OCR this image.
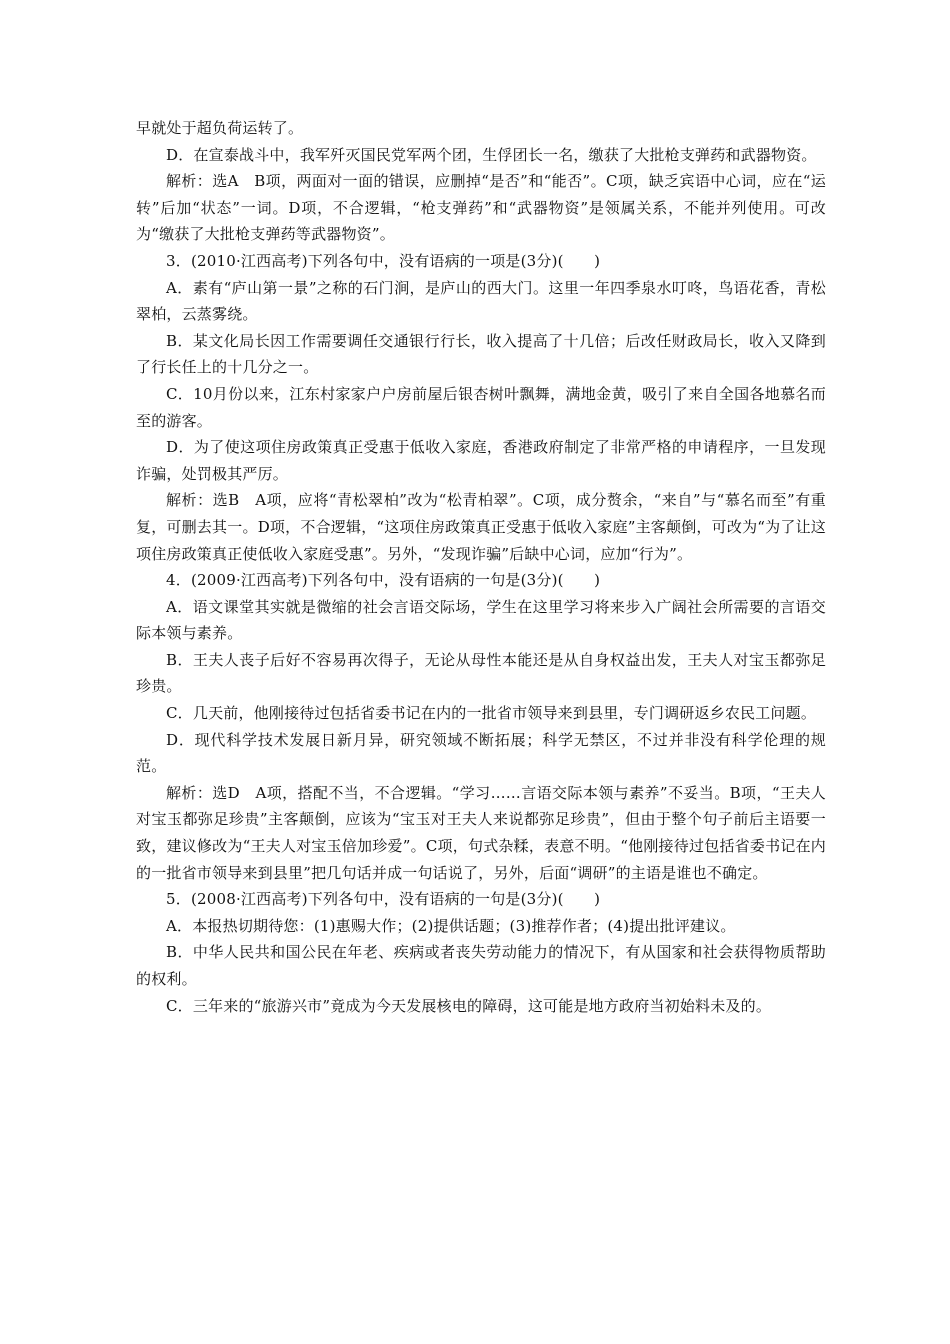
早就处于超负荷运转了。

D．在宣泰战斗中，我军歼灭国民党军两个团，生俘团长一名，缴获了大批枪支弹药和武器物资。

解析：选A　B项，两面对一面的错误，应删掉“是否”和“能否”。C项，缺乏宾语中心词，应在“运转”后加“状态”一词。D项，不合逻辑，“枪支弹药”和“武器物资”是领属关系，不能并列使用。可改为“缴获了大批枪支弹药等武器物资”。

3．(2010·江西高考)下列各句中，没有语病的一项是(3分)(　　)

A．素有“庐山第一景”之称的石门涧，是庐山的西大门。这里一年四季泉水叮咚，鸟语花香，青松翠柏，云蒸雾绕。

B．某文化局长因工作需要调任交通银行行长，收入提高了十几倍；后改任财政局长，收入又降到了行长任上的十几分之一。

C．10月份以来，江东村家家户户房前屋后银杏树叶飘舞，满地金黄，吸引了来自全国各地慕名而至的游客。

D．为了使这项住房政策真正受惠于低收入家庭，香港政府制定了非常严格的申请程序，一旦发现诈骗，处罚极其严厉。

解析：选B　A项，应将“青松翠柏”改为“松青柏翠”。C项，成分赘余，“来自”与“慕名而至”有重复，可删去其一。D项，不合逻辑，“这项住房政策真正受惠于低收入家庭”主客颠倒，可改为“为了让这项住房政策真正使低收入家庭受惠”。另外，“发现诈骗”后缺中心词，应加“行为”。

4．(2009·江西高考)下列各句中，没有语病的一句是(3分)(　　)

A．语文课堂其实就是微缩的社会言语交际场，学生在这里学习将来步入广阔社会所需要的言语交际本领与素养。

B．王夫人丧子后好不容易再次得子，无论从母性本能还是从自身权益出发，王夫人对宝玉都弥足珍贵。

C．几天前，他刚接待过包括省委书记在内的一批省市领导来到县里，专门调研返乡农民工问题。

D．现代科学技术发展日新月异，研究领域不断拓展；科学无禁区，不过并非没有科学伦理的规范。

解析：选D　A项，搭配不当，不合逻辑。“学习……言语交际本领与素养”不妥当。B项，“王夫人对宝玉都弥足珍贵”主客颠倒，应该为“宝玉对王夫人来说都弥足珍贵”，但由于整个句子前后主语要一致，建议修改为“王夫人对宝玉倍加珍爱”。C项，句式杂糅，表意不明。“他刚接待过包括省委书记在内的一批省市领导来到县里”把几句话并成一句话说了，另外，后面“调研”的主语是谁也不确定。

5．(2008·江西高考)下列各句中，没有语病的一句是(3分)(　　)

A．本报热切期待您：(1)惠赐大作；(2)提供话题；(3)推荐作者；(4)提出批评建议。

B．中华人民共和国公民在年老、疾病或者丧失劳动能力的情况下，有从国家和社会获得物质帮助的权利。

C．三年来的“旅游兴市”竟成为今天发展核电的障碍，这可能是地方政府当初始料未及的。
